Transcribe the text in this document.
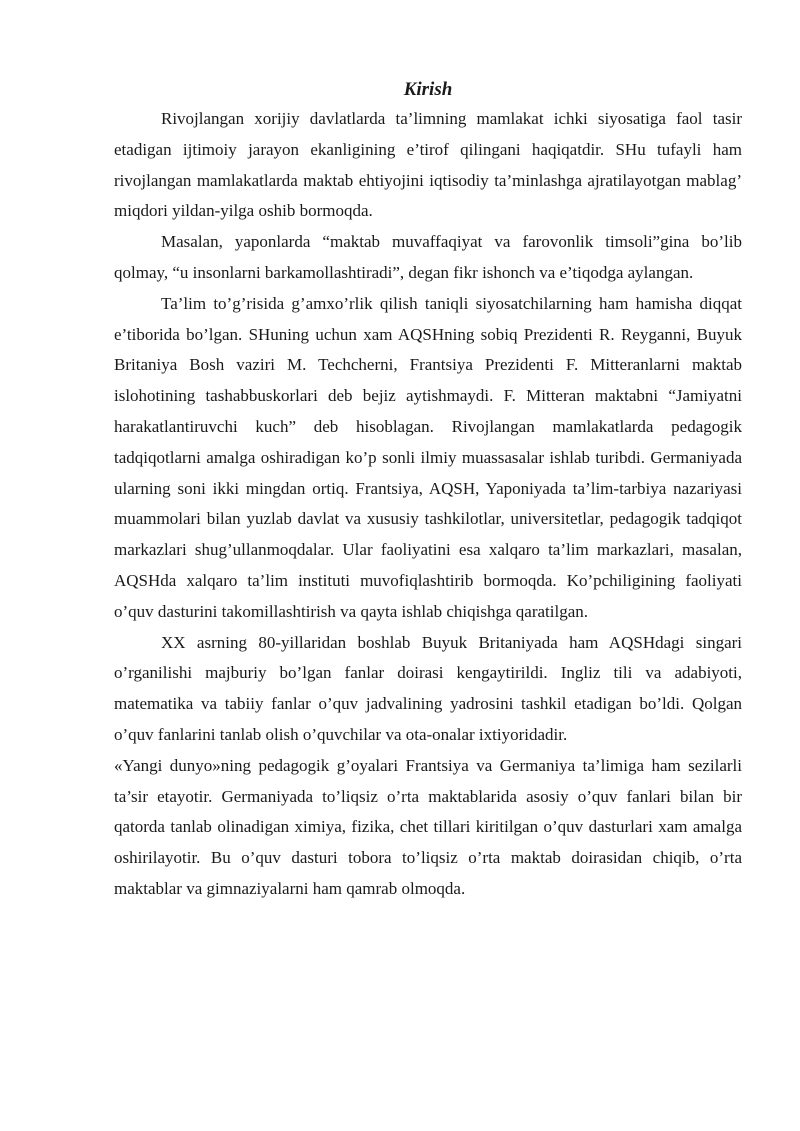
Kirish

Rivojlangan xorijiy davlatlarda ta’limning mamlakat ichki siyosatiga faol tasir etadigan ijtimoiy jarayon ekanligining e’tirof qilingani haqiqatdir. SHu tufayli ham rivojlangan mamlakatlarda maktab ehtiyojini iqtisodiy ta’minlashga ajratilayotgan mablag’ miqdori yildan-yilga oshib bormoqda.

Masalan, yaponlarda “maktab muvaffaqiyat va farovonlik timsoli”gina bo’lib qolmay, “u insonlarni barkamollashtiradi”, degan fikr ishonch va e’tiqodga aylangan.

Ta’lim to’g’risida g’amxo’rlik qilish taniqli siyosatchilarning ham hamisha diqqat e’tiborida bo’lgan. SHuning uchun xam AQSHning sobiq Prezidenti R. Reyganni, Buyuk Britaniya Bosh vaziri M. Techcherni, Frantsiya Prezidenti F. Mitteranlarni maktab islohotining tashabbuskorlari deb bejiz aytishmaydi. F. Mitteran maktabni “Jamiyatni harakatlantiruvchi kuch” deb hisoblagan. Rivojlangan mamlakatlarda pedagogik tadqiqotlarni amalga oshiradigan ko’p sonli ilmiy muassasalar ishlab turibdi. Germaniyada ularning soni ikki mingdan ortiq. Frantsiya, AQSH, Yaponiyada ta’lim-tarbiya nazariyasi muammolari bilan yuzlab davlat va xususiy tashkilotlar, universitetlar, pedagogik tadqiqot markazlari shug’ullanmoqdalar. Ular faoliyatini esa xalqaro ta’lim markazlari, masalan, AQSHda xalqaro ta’lim instituti muvofiqlashtirib bormoqda. Ko’pchiligining faoliyati o’quv dasturini takomillashtirish va qayta ishlab chiqishga qaratilgan.

XX asrning 80-yillaridan boshlab Buyuk Britaniyada ham AQSHdagi singari o’rganilishi majburiy bo’lgan fanlar doirasi kengaytirildi. Ingliz tili va adabiyoti, matematika va tabiiy fanlar o’quv jadvalining yadrosini tashkil etadigan bo’ldi. Qolgan o’quv fanlarini tanlab olish o’quvchilar va ota-onalar ixtiyoridadir.

«Yangi dunyo»ning pedagogik g’oyalari Frantsiya va Germaniya ta’limiga ham sezilarli ta’sir etayotir. Germaniyada to’liqsiz o’rta maktablarida asosiy o’quv fanlari bilan bir qatorda tanlab olinadigan ximiya, fizika, chet tillari kiritilgan o’quv dasturlari xam amalga oshirilayotir. Bu o’quv dasturi tobora to’liqsiz o’rta maktab doirasidan chiqib, o’rta maktablar va gimnaziyalarni ham qamrab olmoqda.
